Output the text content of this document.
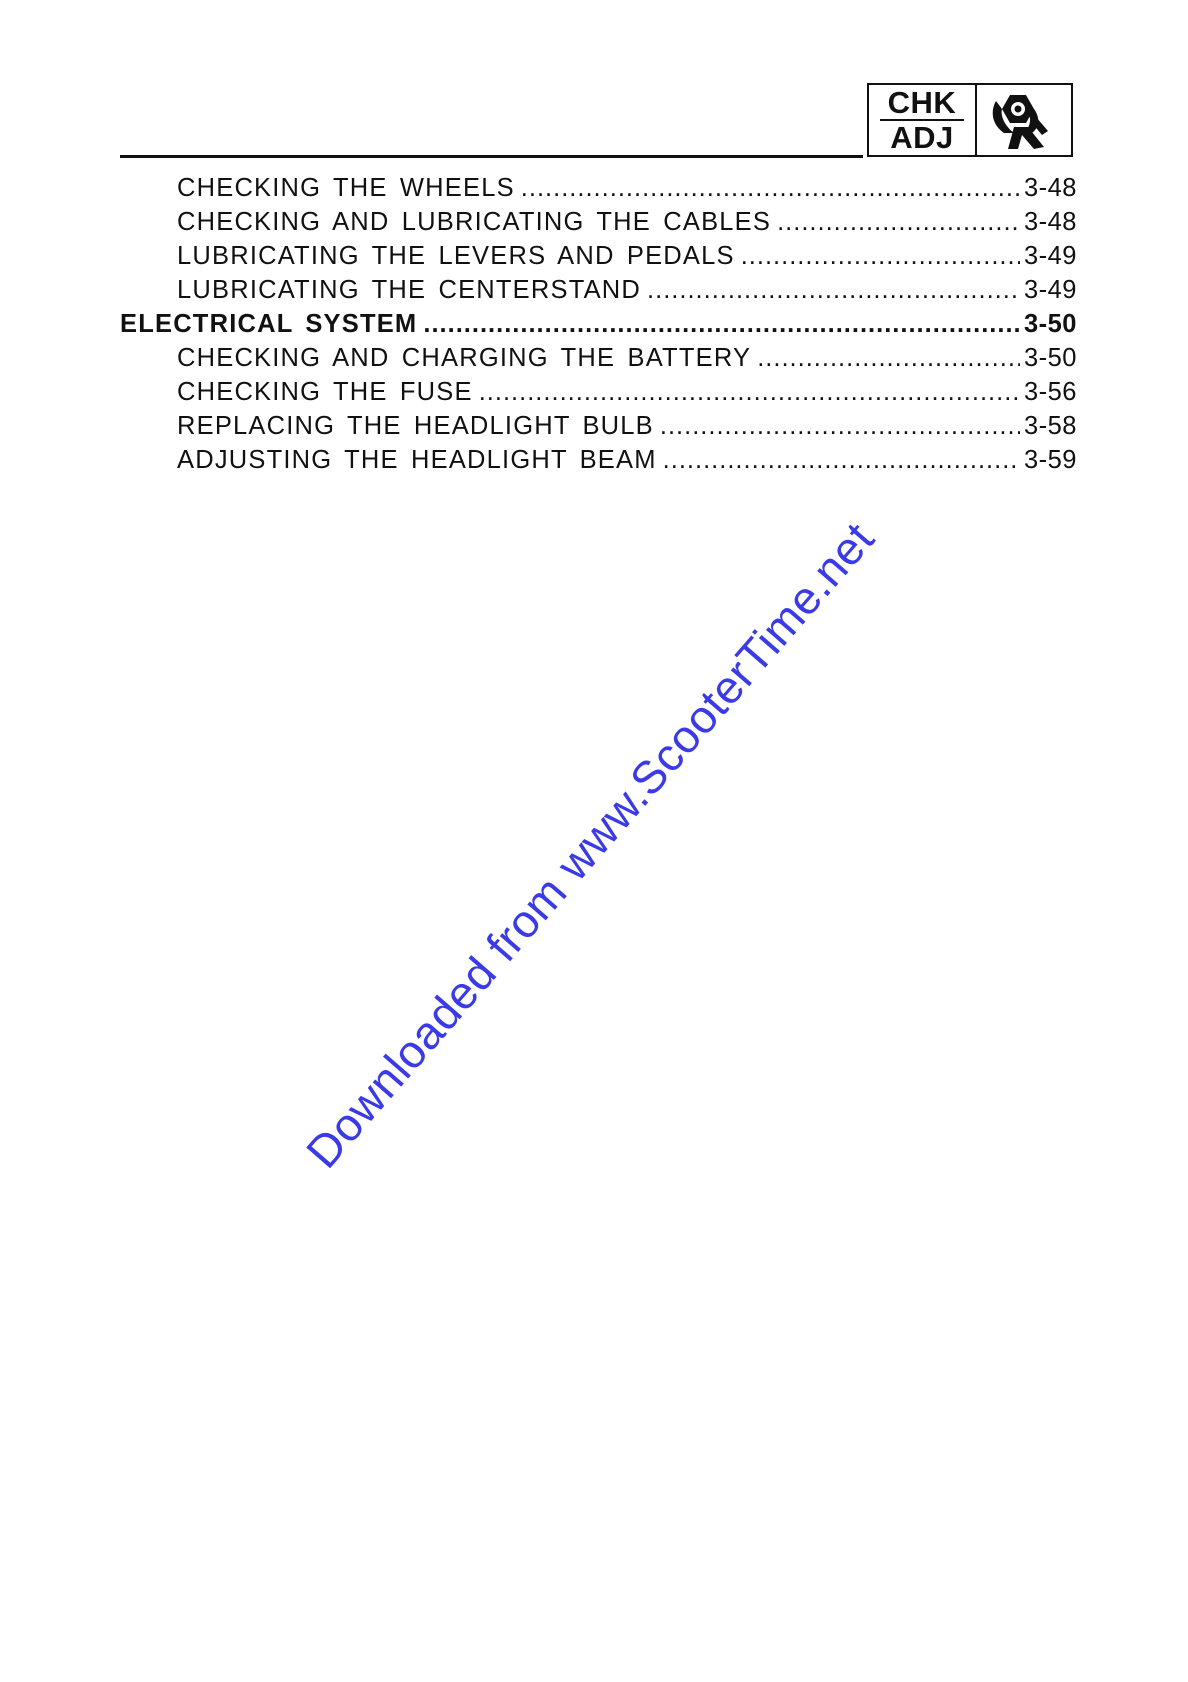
CHK
ADJ
CHECKING THE WHEELS .....	3-48
CHECKING AND LUBRICATING THE CABLES .....	3-48
LUBRICATING THE LEVERS AND PEDALS .....	3-49
LUBRICATING THE CENTERSTAND .....	3-49
ELECTRICAL SYSTEM .....	3-50
CHECKING AND CHARGING THE BATTERY .....	3-50
CHECKING THE FUSE .....	3-56
REPLACING THE HEADLIGHT BULB .....	3-58
ADJUSTING THE HEADLIGHT BEAM .....	3-59
Downloaded from www.ScooterTime.net
